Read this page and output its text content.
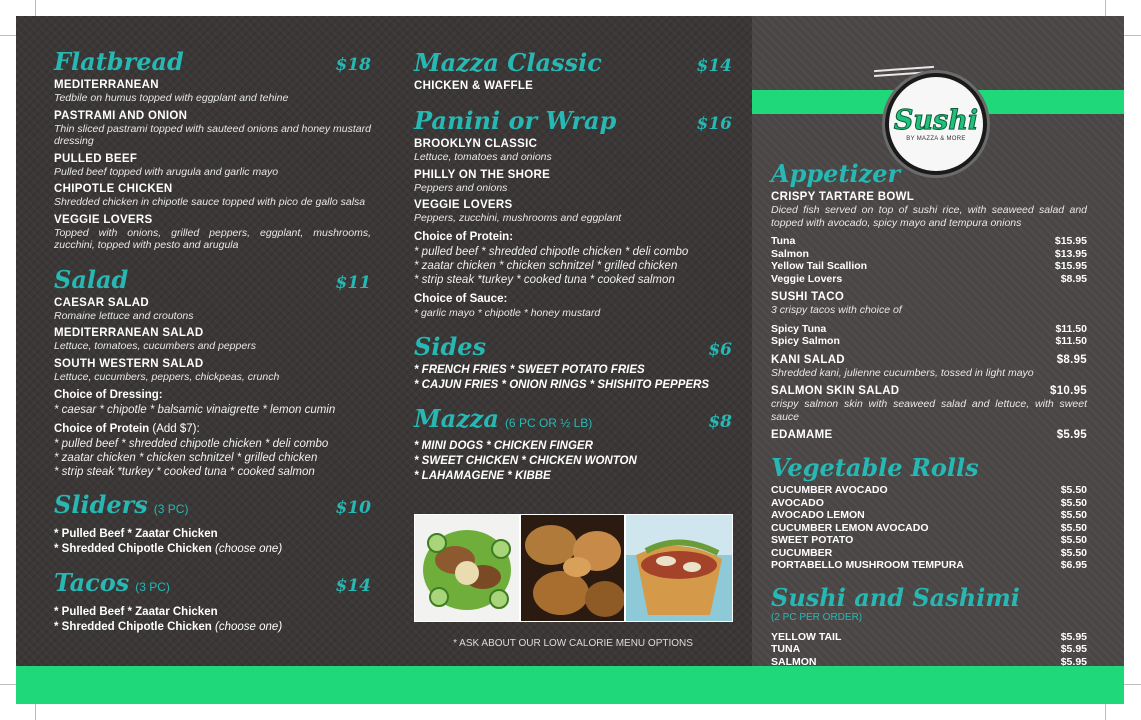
Flatbread	$18
MEDITERRANEAN
Tedbile on humus topped with eggplant and tehine
PASTRAMI AND ONION
Thin sliced pastrami topped with sauteed onions and honey mustard dressing
PULLED BEEF
Pulled beef topped with arugula and garlic mayo
CHIPOTLE CHICKEN
Shredded chicken in chipotle sauce topped with pico de gallo salsa
VEGGIE LOVERS
Topped with onions, grilled peppers, eggplant, mushrooms, zucchini, topped with pesto and arugula
Salad	$11
CAESAR SALAD
Romaine lettuce and croutons
MEDITERRANEAN SALAD
Lettuce, tomatoes, cucumbers and peppers
SOUTH WESTERN SALAD
Lettuce, cucumbers, peppers, chickpeas, crunch
Choice of Dressing:
* caesar * chipotle * balsamic vinaigrette * lemon cumin
Choice of Protein (Add $7):
* pulled beef * shredded chipotle chicken * deli combo
* zaatar chicken * chicken schnitzel * grilled chicken
* strip steak *turkey * cooked tuna * cooked salmon
Sliders (3 PC)	$10
* Pulled Beef * Zaatar Chicken
* Shredded Chipotle Chicken (choose one)
Tacos (3 PC)	$14
* Pulled Beef * Zaatar Chicken
* Shredded Chipotle Chicken (choose one)
Mazza Classic	$14
CHICKEN & WAFFLE
Panini or Wrap	$16
BROOKLYN CLASSIC
Lettuce, tomatoes and onions
PHILLY ON THE SHORE
Peppers and onions
VEGGIE LOVERS
Peppers, zucchini, mushrooms and eggplant
Choice of Protein:
* pulled beef * shredded chipotle chicken * deli combo
* zaatar chicken * chicken schnitzel * grilled chicken
* strip steak *turkey * cooked tuna * cooked salmon
Choice of Sauce:
* garlic mayo * chipotle * honey mustard
Sides	$6
* FRENCH FRIES * SWEET POTATO FRIES
* CAJUN FRIES * ONION RINGS * SHISHITO PEPPERS
Mazza (6 PC OR ½ LB)	$8
* MINI DOGS * CHICKEN FINGER
* SWEET CHICKEN * CHICKEN WONTON
* LAHAMAGENE * KIBBE
* ASK ABOUT OUR LOW CALORIE MENU OPTIONS
Sushi
BY MAZZA & MORE
Appetizer
CRISPY TARTARE BOWL
Diced fish served on top of sushi rice, with seaweed salad and topped with avocado, spicy mayo and tempura onions
Tuna	$15.95
Salmon	$13.95
Yellow Tail Scallion	$15.95
Veggie Lovers	$8.95
SUSHI TACO
3 crispy tacos with choice of
Spicy Tuna	$11.50
Spicy Salmon	$11.50
KANI SALAD	$8.95
Shredded kani, julienne cucumbers, tossed in light mayo
SALMON SKIN SALAD	$10.95
crispy salmon skin with seaweed salad and lettuce, with sweet sauce
EDAMAME	$5.95
Vegetable Rolls
CUCUMBER AVOCADO	$5.50
AVOCADO	$5.50
AVOCADO LEMON	$5.50
CUCUMBER LEMON AVOCADO	$5.50
SWEET POTATO	$5.50
CUCUMBER	$5.50
PORTABELLO MUSHROOM TEMPURA	$6.95
Sushi and Sashimi
(2 PC PER ORDER)
YELLOW TAIL	$5.95
TUNA	$5.95
SALMON	$5.95
